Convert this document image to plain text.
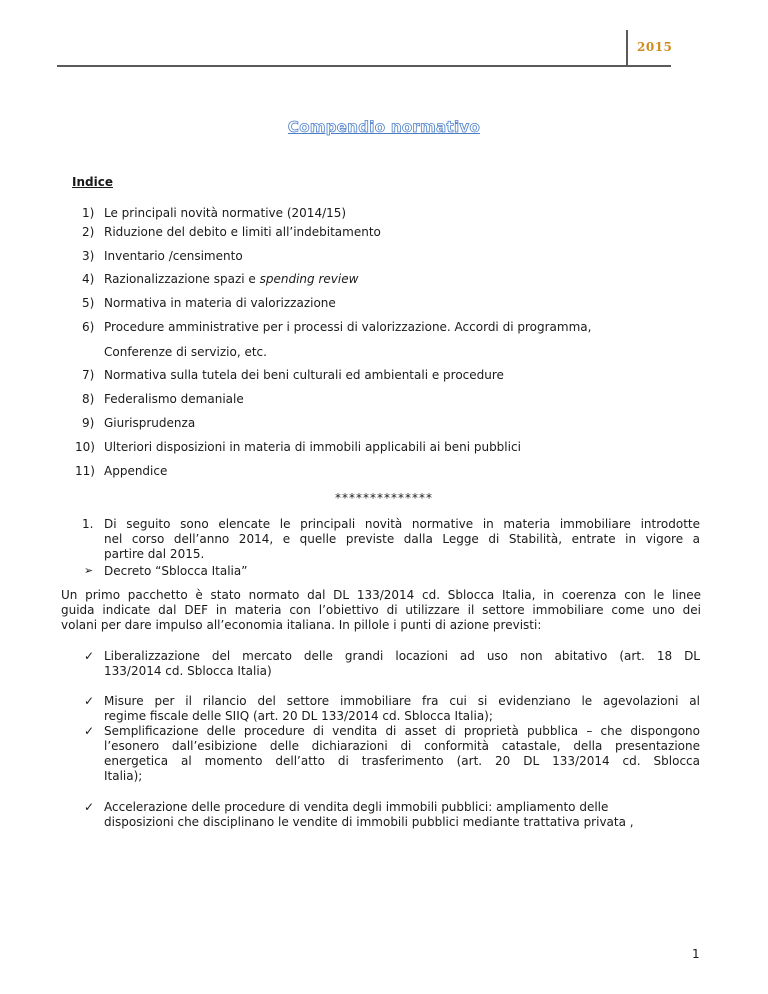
2015
Compendio normativo
Indice
1) Le principali novità normative (2014/15)
2) Riduzione del debito e limiti all’indebitamento
3) Inventario /censimento
4) Razionalizzazione spazi e spending review
5) Normativa in materia di valorizzazione
6) Procedure amministrative per i processi di valorizzazione. Accordi di programma,
Conferenze di servizio, etc.
7) Normativa sulla tutela dei beni culturali ed ambientali e procedure
8) Federalismo demaniale
9) Giurisprudenza
10) Ulteriori disposizioni in materia di immobili applicabili ai beni pubblici
11) Appendice
**************
1. Di seguito sono elencate le principali novità normative in materia immobiliare introdotte
nel corso dell’anno 2014, e quelle previste dalla Legge di Stabilità, entrate in vigore a
partire dal 2015.
➢ Decreto “Sblocca Italia”
Un primo pacchetto è stato normato dal DL 133/2014 cd. Sblocca Italia, in coerenza con le linee
guida indicate dal DEF in materia con l’obiettivo di utilizzare il settore immobiliare come uno dei
volani per dare impulso all’economia italiana. In pillole i punti di azione previsti:
✓ Liberalizzazione del mercato delle grandi locazioni ad uso non abitativo (art. 18 DL
133/2014 cd. Sblocca Italia)
✓ Misure per il rilancio del settore immobiliare fra cui si evidenziano le agevolazioni al
regime fiscale delle SIIQ (art. 20 DL 133/2014 cd. Sblocca Italia);
✓ Semplificazione delle procedure di vendita di asset di proprietà pubblica – che dispongono
l’esonero dall’esibizione delle dichiarazioni di conformità catastale, della presentazione
energetica al momento dell’atto di trasferimento (art. 20 DL 133/2014 cd. Sblocca
Italia);
✓ Accelerazione delle procedure di vendita degli immobili pubblici: ampliamento delle
disposizioni che disciplinano le vendite di immobili pubblici mediante trattativa privata ,
1
